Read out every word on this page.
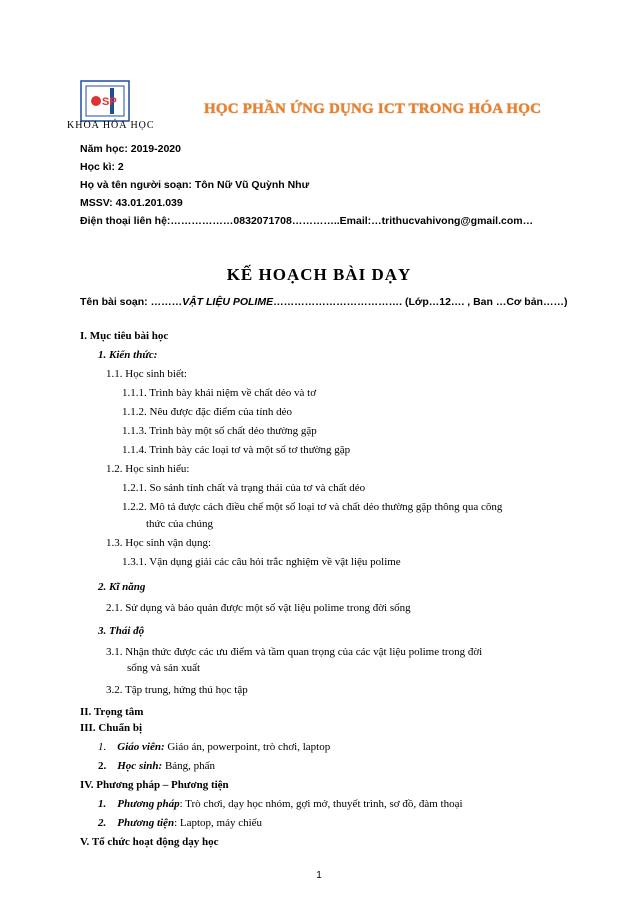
SP
KHOA HÓA HỌC
HỌC PHẦN ỨNG DỤNG ICT TRONG HÓA HỌC
Năm học: 2019-2020
Học kì: 2
Họ và tên người soạn: Tôn Nữ Vũ Quỳnh Như
MSSV: 43.01.201.039
Điện thoại liên hệ:………………0832071708…………..Email:…trithucvahivong@gmail.com…
KẾ HOẠCH BÀI DẠY
Tên bài soạn: ………VẬT LIỆU POLIME………………………………. (Lớp…12…. , Ban …Cơ bản……)
I. Mục tiêu bài học
1. Kiến thức:
1.1. Học sinh biết:
1.1.1. Trình bày khái niệm về chất dẻo và tơ
1.1.2. Nêu được đặc điểm của tính dẻo
1.1.3. Trình bày một số chất dẻo thường gặp
1.1.4. Trình bày các loại tơ và một số tơ thường gặp
1.2. Học sinh hiểu:
1.2.1. So sánh tính chất và trạng thái của tơ và chất dẻo
1.2.2. Mô tả được cách điều chế một số loại tơ và chất dẻo thường gặp thông qua công
thức của chúng
1.3. Học sinh vận dụng:
1.3.1. Vận dụng giải các câu hỏi trắc nghiệm về vật liệu polime
2. Kĩ năng
2.1. Sử dụng và bảo quản được một số vật liệu polime trong đời sống
3. Thái độ
3.1. Nhận thức được các ưu điểm và tầm quan trọng của các vật liệu polime trong đời
sống và sản xuất
3.2. Tập trung, hứng thú học tập
II. Trọng tâm
III. Chuẩn bị
1. Giáo viên: Giáo án, powerpoint, trò chơi, laptop
2. Học sinh: Bảng, phấn
IV. Phương pháp – Phương tiện
1. Phương pháp: Trò chơi, dạy học nhóm, gợi mở, thuyết trình, sơ đồ, đàm thoại
2. Phương tiện: Laptop, máy chiếu
V. Tổ chức hoạt động dạy học
1
